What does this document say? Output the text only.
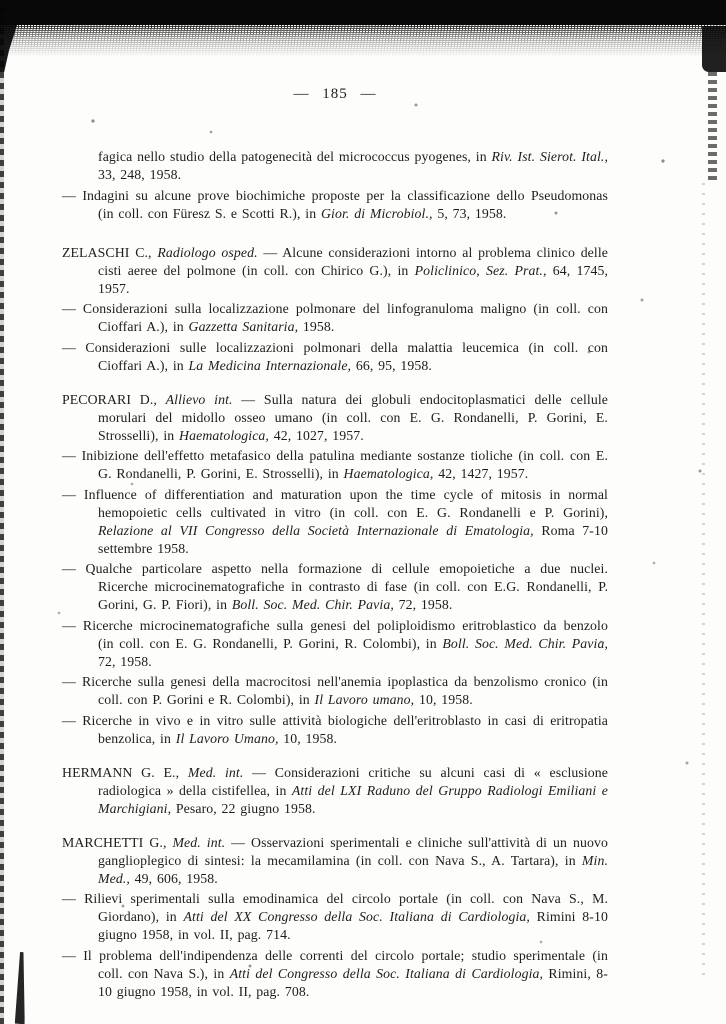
— 185 —

fagica nello studio della patogenecità del micrococcus pyogenes, in Riv. Ist. Sierot. Ital., 33, 248, 1958.

— Indagini su alcune prove biochimiche proposte per la classificazione dello Pseudomonas (in coll. con Füresz S. e Scotti R.), in Gior. di Microbiol., 5, 73, 1958.

ZELASCHI C., Radiologo osped. — Alcune considerazioni intorno al problema clinico delle cisti aeree del polmone (in coll. con Chirico G.), in Policlinico, Sez. Prat., 64, 1745, 1957.

— Considerazioni sulla localizzazione polmonare del linfogranuloma maligno (in coll. con Cioffari A.), in Gazzetta Sanitaria, 1958.

— Considerazioni sulle localizzazioni polmonari della malattia leucemica (in coll. con Cioffari A.), in La Medicina Internazionale, 66, 95, 1958.

PECORARI D., Allievo int. — Sulla natura dei globuli endocitoplasmatici delle cellule morulari del midollo osseo umano (in coll. con E. G. Rondanelli, P. Gorini, E. Strosselli), in Haematologica, 42, 1027, 1957.

— Inibizione dell'effetto metafasico della patulina mediante sostanze tioliche (in coll. con E. G. Rondanelli, P. Gorini, E. Strosselli), in Haematologica, 42, 1427, 1957.

— Influence of differentiation and maturation upon the time cycle of mitosis in normal hemopoietic cells cultivated in vitro (in coll. con E. G. Rondanelli e P. Gorini), Relazione al VII Congresso della Società Internazionale di Ematologia, Roma 7-10 settembre 1958.

— Qualche particolare aspetto nella formazione di cellule emopoietiche a due nuclei. Ricerche microcinematografiche in contrasto di fase (in coll. con E.G. Rondanelli, P. Gorini, G. P. Fiori), in Boll. Soc. Med. Chir. Pavia, 72, 1958.

— Ricerche microcinematografiche sulla genesi del poliploidismo eritroblastico da benzolo (in coll. con E. G. Rondanelli, P. Gorini, R. Colombi), in Boll. Soc. Med. Chir. Pavia, 72, 1958.

— Ricerche sulla genesi della macrocitosi nell'anemia ipoplastica da benzolismo cronico (in coll. con P. Gorini e R. Colombi), in Il Lavoro umano, 10, 1958.

— Ricerche in vivo e in vitro sulle attività biologiche dell'eritroblasto in casi di eritropatia benzolica, in Il Lavoro Umano, 10, 1958.

HERMANN G. E., Med. int. — Considerazioni critiche su alcuni casi di « esclusione radiologica » della cistifellea, in Atti del LXI Raduno del Gruppo Radiologi Emiliani e Marchigiani, Pesaro, 22 giugno 1958.

MARCHETTI G., Med. int. — Osservazioni sperimentali e cliniche sull'attività di un nuovo ganglioplegico di sintesi: la mecamilamina (in coll. con Nava S., A. Tartara), in Min. Med., 49, 606, 1958.

— Rilievi sperimentali sulla emodinamica del circolo portale (in coll. con Nava S., M. Giordano), in Atti del XX Congresso della Soc. Italiana di Cardiologia, Rimini 8-10 giugno 1958, in vol. II, pag. 714.

— Il problema dell'indipendenza delle correnti del circolo portale; studio sperimentale (in coll. con Nava S.), in Atti del Congresso della Soc. Italiana di Cardiologia, Rimini, 8-10 giugno 1958, in vol. II, pag. 708.
